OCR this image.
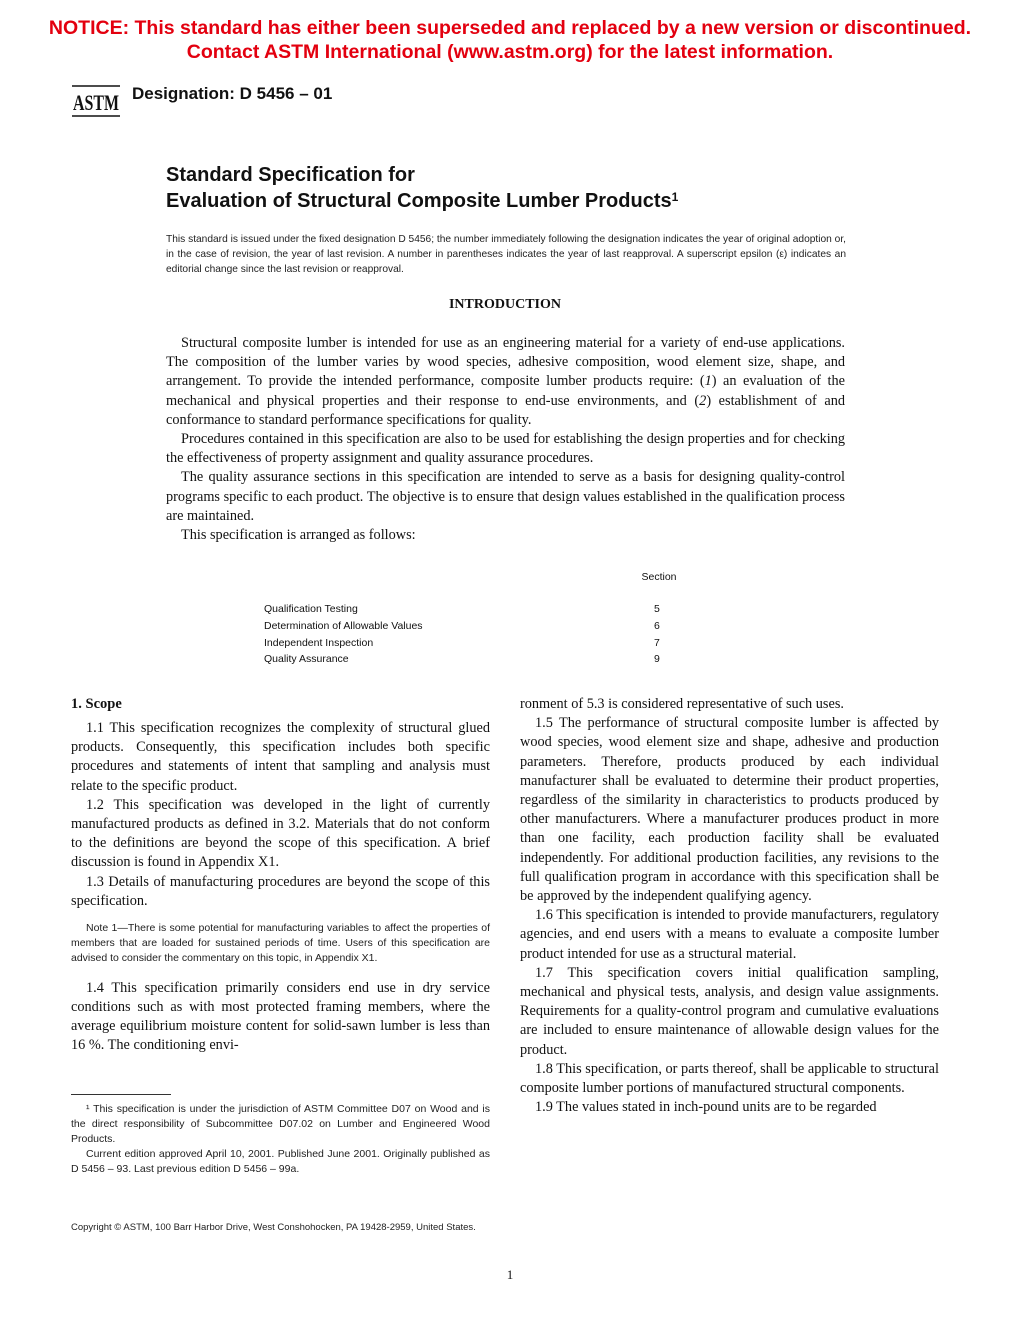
NOTICE: This standard has either been superseded and replaced by a new version or discontinued.
Contact ASTM International (www.astm.org) for the latest information.
ASTM Designation: D 5456 – 01
Standard Specification for
Evaluation of Structural Composite Lumber Products$^1$
This standard is issued under the fixed designation D 5456; the number immediately following the designation indicates the year of original adoption or, in the case of revision, the year of last revision. A number in parentheses indicates the year of last reapproval. A superscript epsilon (ε) indicates an editorial change since the last revision or reapproval.
INTRODUCTION

Structural composite lumber is intended for use as an engineering material for a variety of end-use applications. The composition of the lumber varies by wood species, adhesive composition, wood element size, shape, and arrangement. To provide the intended performance, composite lumber products require: (1) an evaluation of the mechanical and physical properties and their response to end-use environments, and (2) establishment of and conformance to standard performance specifications for quality.

Procedures contained in this specification are also to be used for establishing the design properties and for checking the effectiveness of property assignment and quality assurance procedures.

The quality assurance sections in this specification are intended to serve as a basis for designing quality-control programs specific to each product. The objective is to ensure that design values established in the qualification process are maintained.

This specification is arranged as follows:

Section
Qualification Testing	5
Determination of Allowable Values	6
Independent Inspection	7
Quality Assurance	9
1. Scope

1.1 This specification recognizes the complexity of structural glued products. Consequently, this specification includes both specific procedures and statements of intent that sampling and analysis must relate to the specific product.

1.2 This specification was developed in the light of currently manufactured products as defined in 3.2. Materials that do not conform to the definitions are beyond the scope of this specification. A brief discussion is found in Appendix X1.

1.3 Details of manufacturing procedures are beyond the scope of this specification.

Note 1—There is some potential for manufacturing variables to affect the properties of members that are loaded for sustained periods of time. Users of this specification are advised to consider the commentary on this topic, in Appendix X1.

1.4 This specification primarily considers end use in dry service conditions such as with most protected framing members, where the average equilibrium moisture content for solid-sawn lumber is less than 16 %. The conditioning envi-

¹ This specification is under the jurisdiction of ASTM Committee D07 on Wood and is the direct responsibility of Subcommittee D07.02 on Lumber and Engineered Wood Products.

Current edition approved April 10, 2001. Published June 2001. Originally published as D 5456 – 93. Last previous edition D 5456 – 99a.

ronment of 5.3 is considered representative of such uses.

1.5 The performance of structural composite lumber is affected by wood species, wood element size and shape, adhesive and production parameters. Therefore, products produced by each individual manufacturer shall be evaluated to determine their product properties, regardless of the similarity in characteristics to products produced by other manufacturers. Where a manufacturer produces product in more than one facility, each production facility shall be evaluated independently. For additional production facilities, any revisions to the full qualification program in accordance with this specification shall be be approved by the independent qualifying agency.

1.6 This specification is intended to provide manufacturers, regulatory agencies, and end users with a means to evaluate a composite lumber product intended for use as a structural material.

1.7 This specification covers initial qualification sampling, mechanical and physical tests, analysis, and design value assignments. Requirements for a quality-control program and cumulative evaluations are included to ensure maintenance of allowable design values for the product.

1.8 This specification, or parts thereof, shall be applicable to structural composite lumber portions of manufactured structural components.

1.9 The values stated in inch-pound units are to be regarded

Copyright © ASTM, 100 Barr Harbor Drive, West Conshohocken, PA 19428-2959, United States.
1
